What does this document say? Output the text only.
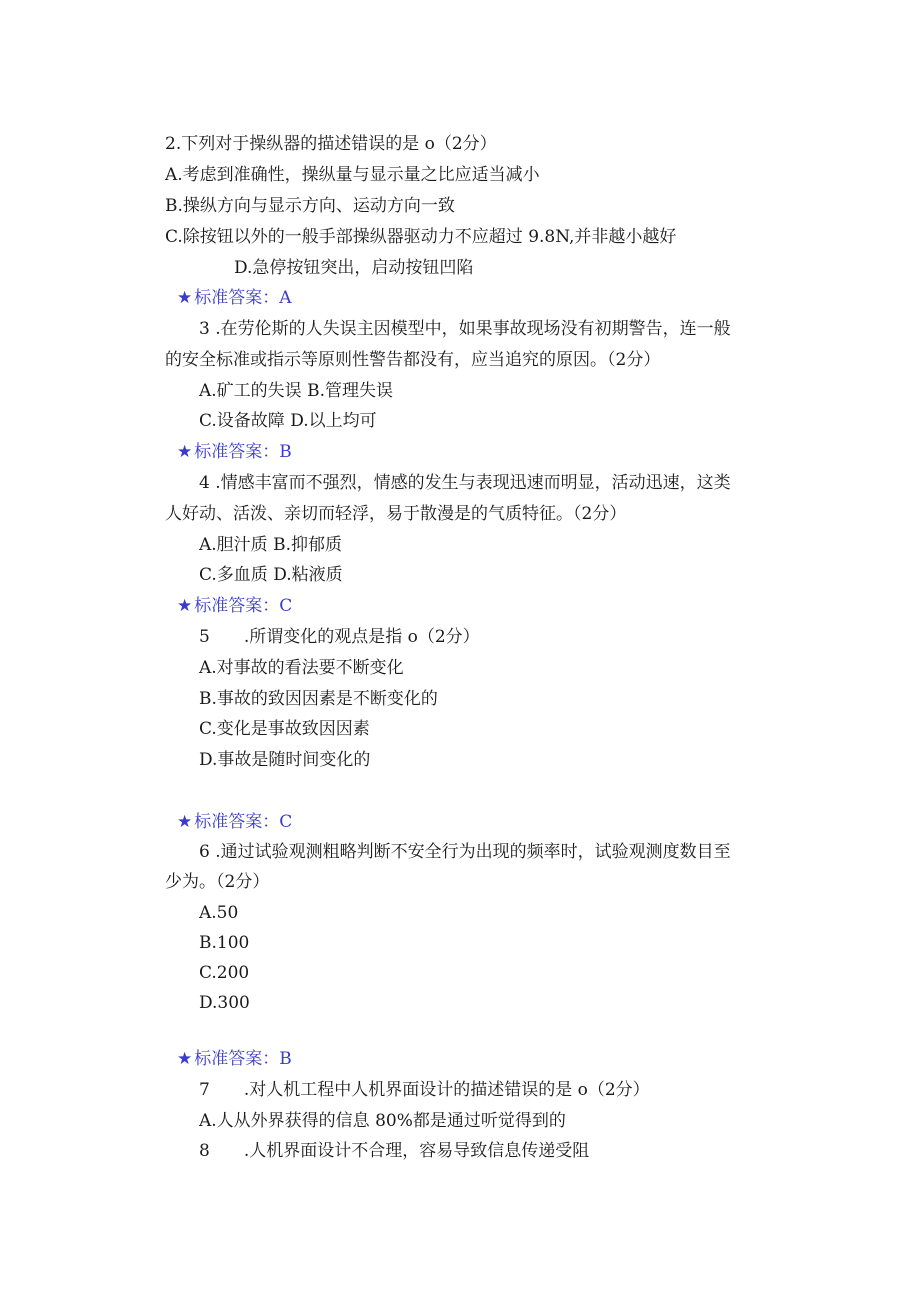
2.下列对于操纵器的描述错误的是 o（2分）
A.考虑到准确性，操纵量与显示量之比应适当减小
B.操纵方向与显示方向、运动方向一致
C.除按钮以外的一般手部操纵器驱动力不应超过 9.8N,并非越小越好
D.急停按钮突出，启动按钮凹陷
★ 标准答案：A
3 .在劳伦斯的人失误主因模型中，如果事故现场没有初期警告，连一般
的安全标准或指示等原则性警告都没有，应当追究的原因。（2分）
A.矿工的失误 B.管理失误
C.设备故障 D.以上均可
★ 标准答案：B
4 .情感丰富而不强烈，情感的发生与表现迅速而明显，活动迅速，这类
人好动、活泼、亲切而轻浮，易于散漫是的气质特征。（2分）
A.胆汁质 B.抑郁质
C.多血质 D.粘液质
★ 标准答案：C
5　　.所谓变化的观点是指 o（2分）
A.对事故的看法要不断变化
B.事故的致因因素是不断变化的
C.变化是事故致因因素
D.事故是随时间变化的
★ 标准答案：C
6 .通过试验观测粗略判断不安全行为出现的频率时，试验观测度数目至
少为。（2分）
A.50
B.100
C.200
D.300
★ 标准答案：B
7　　.对人机工程中人机界面设计的描述错误的是 o（2分）
A.人从外界获得的信息 80%都是通过听觉得到的
8　　.人机界面设计不合理，容易导致信息传递受阻
